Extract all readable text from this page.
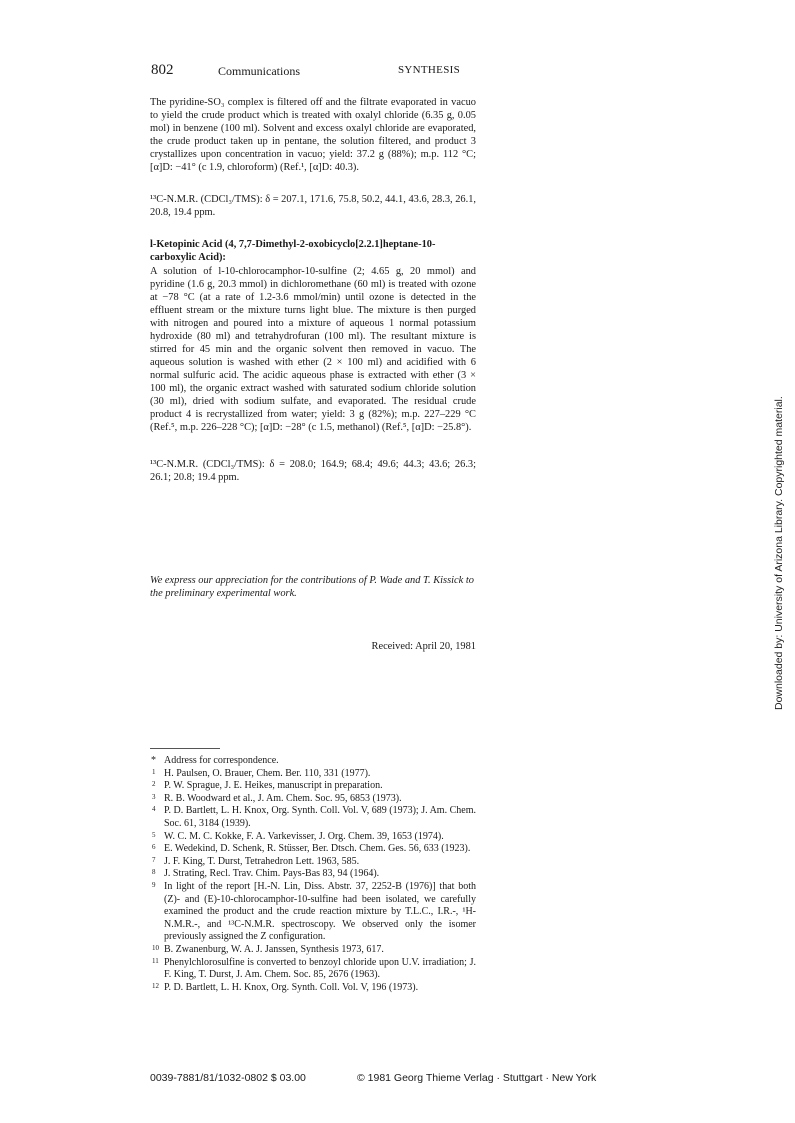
802	Communications	SYNTHESIS

The pyridine-SO₃ complex is filtered off and the filtrate evaporated in vacuo to yield the crude product which is treated with oxalyl chloride (6.35 g, 0.05 mol) in benzene (100 ml). Solvent and excess oxalyl chloride are evaporated, the crude product taken up in pentane, the solution filtered, and product 3 crystallizes upon concentration in vacuo; yield: 37.2 g (88%); m.p. 112 °C; [α]D: −41° (c 1.9, chloroform) (Ref.¹, [α]D: 40.3).

¹³C-N.M.R. (CDCl₃/TMS): δ = 207.1, 171.6, 75.8, 50.2, 44.1, 43.6, 28.3, 26.1, 20.8, 19.4 ppm.

l-Ketopinic Acid (4, 7,7-Dimethyl-2-oxobicyclo[2.2.1]heptane-10-carboxylic Acid):

A solution of l-10-chlorocamphor-10-sulfine (2; 4.65 g, 20 mmol) and pyridine (1.6 g, 20.3 mmol) in dichloromethane (60 ml) is treated with ozone at −78 °C (at a rate of 1.2-3.6 mmol/min) until ozone is detected in the effluent stream or the mixture turns light blue. The mixture is then purged with nitrogen and poured into a mixture of aqueous 1 normal potassium hydroxide (80 ml) and tetrahydrofuran (100 ml). The resultant mixture is stirred for 45 min and the organic solvent then removed in vacuo. The aqueous solution is washed with ether (2 × 100 ml) and acidified with 6 normal sulfuric acid. The acidic aqueous phase is extracted with ether (3 × 100 ml), the organic extract washed with saturated sodium chloride solution (30 ml), dried with sodium sulfate, and evaporated. The residual crude product 4 is recrystallized from water; yield: 3 g (82%); m.p. 227–229 °C (Ref.⁵, m.p. 226–228 °C); [α]D: −28° (c 1.5, methanol) (Ref.⁵, [α]D: −25.8°).

¹³C-N.M.R. (CDCl₃/TMS): δ = 208.0; 164.9; 68.4; 49.6; 44.3; 43.6; 26.3; 26.1; 20.8; 19.4 ppm.

We express our appreciation for the contributions of P. Wade and T. Kissick to the preliminary experimental work.

Received: April 20, 1981
* Address for correspondence.
1 H. Paulsen, O. Brauer, Chem. Ber. 110, 331 (1977).
2 P. W. Sprague, J. E. Heikes, manuscript in preparation.
3 R. B. Woodward et al., J. Am. Chem. Soc. 95, 6853 (1973).
4 P. D. Bartlett, L. H. Knox, Org. Synth. Coll. Vol. V, 689 (1973); J. Am. Chem. Soc. 61, 3184 (1939).
5 W. C. M. C. Kokke, F. A. Varkevisser, J. Org. Chem. 39, 1653 (1974).
6 E. Wedekind, D. Schenk, R. Stüsser, Ber. Dtsch. Chem. Ges. 56, 633 (1923).
7 J. F. King, T. Durst, Tetrahedron Lett. 1963, 585.
8 J. Strating, Recl. Trav. Chim. Pays-Bas 83, 94 (1964).
9 In light of the report [H.-N. Lin, Diss. Abstr. 37, 2252-B (1976)] that both (Z)- and (E)-10-chlorocamphor-10-sulfine had been isolated, we carefully examined the product and the crude reaction mixture by T.L.C., I.R.-, ¹H-N.M.R.-, and ¹³C-N.M.R. spectroscopy. We observed only the isomer previously assigned the Z configuration.
10 B. Zwanenburg, W. A. J. Janssen, Synthesis 1973, 617.
11 Phenylchlorosulfine is converted to benzoyl chloride upon U.V. irradiation; J. F. King, T. Durst, J. Am. Chem. Soc. 85, 2676 (1963).
12 P. D. Bartlett, L. H. Knox, Org. Synth. Coll. Vol. V, 196 (1973).
0039-7881/81/1032-0802 $ 03.00	© 1981 Georg Thieme Verlag · Stuttgart · New York
Downloaded by: University of Arizona Library. Copyrighted material.
